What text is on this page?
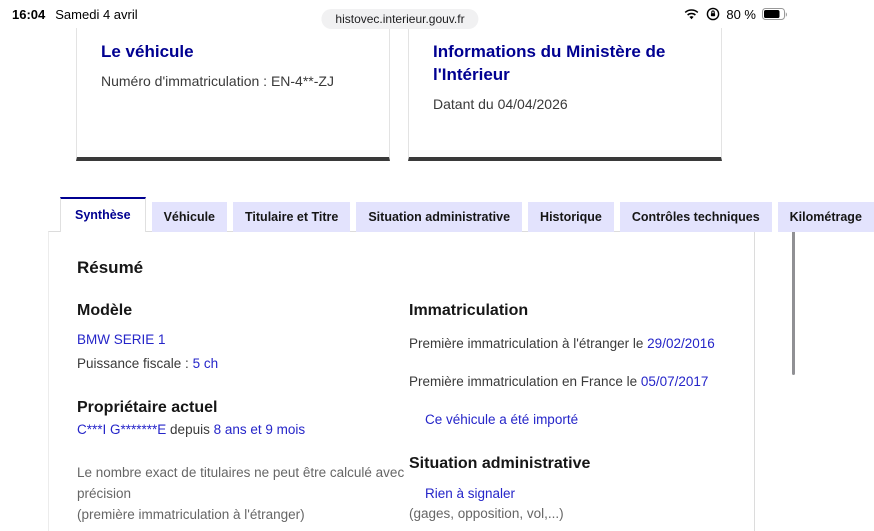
16:04 Samedi 4 avril	histovec.interieur.gouv.fr	80 %
Le véhicule
Numéro d'immatriculation : EN-4**-ZJ
Informations du Ministère de l'Intérieur
Datant du 04/04/2026
Synthèse	Véhicule	Titulaire et Titre	Situation administrative	Historique	Contrôles techniques	Kilométrage
Résumé
Modèle
BMW SERIE 1
Puissance fiscale : 5 ch
Propriétaire actuel
C***I G*******E depuis 8 ans et 9 mois
Le nombre exact de titulaires ne peut être calculé avec précision
(première immatriculation à l'étranger)
Immatriculation
Première immatriculation à l'étranger le 29/02/2016
Première immatriculation en France le 05/07/2017
Ce véhicule a été importé
Situation administrative
Rien à signaler
(gages, opposition, vol,...)
